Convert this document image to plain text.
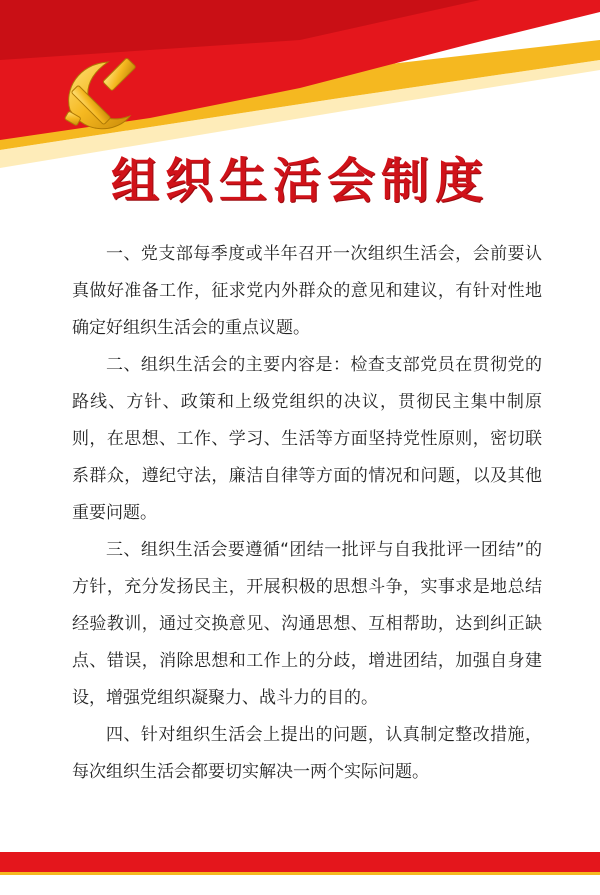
组织生活会制度

一、党支部每季度或半年召开一次组织生活会，会前要认真做好准备工作，征求党内外群众的意见和建议，有针对性地确定好组织生活会的重点议题。

二、组织生活会的主要内容是：检查支部党员在贯彻党的路线、方针、政策和上级党组织的决议，贯彻民主集中制原则，在思想、工作、学习、生活等方面坚持党性原则，密切联系群众，遵纪守法，廉洁自律等方面的情况和问题，以及其他重要问题。

三、组织生活会要遵循“团结一批评与自我批评一团结”的方针，充分发扬民主，开展积极的思想斗争，实事求是地总结经验教训，通过交换意见、沟通思想、互相帮助，达到纠正缺点、错误，消除思想和工作上的分歧，增进团结，加强自身建设，增强党组织凝聚力、战斗力的目的。

四、针对组织生活会上提出的问题，认真制定整改措施，每次组织生活会都要切实解决一两个实际问题。
